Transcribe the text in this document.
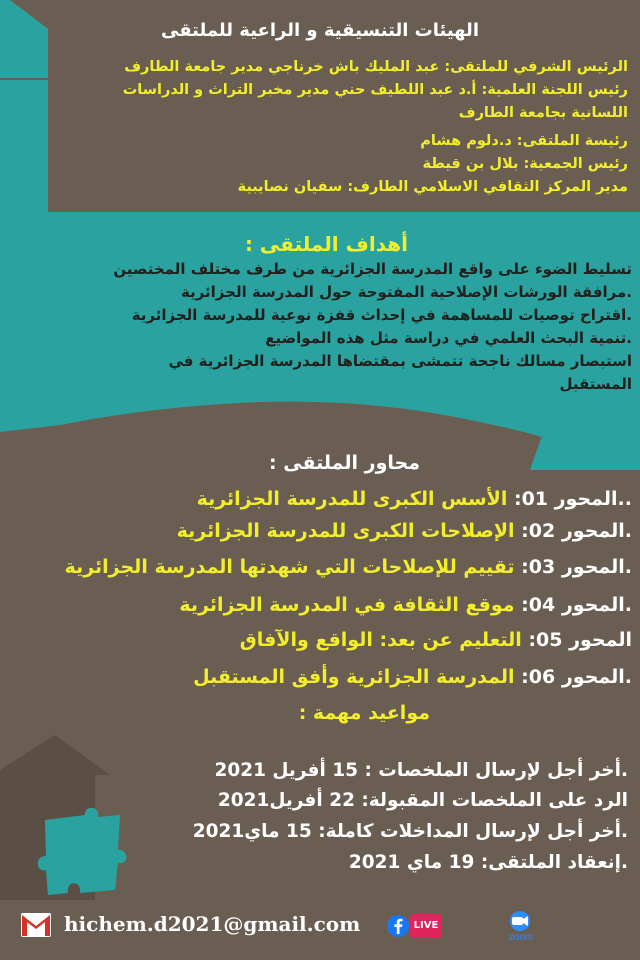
الهيئات التنسيقية و الراعية للملتقى
الرئيس الشرفي للملتقى: عبد المليك باش خرناجي مدير جامعة الطارف
رئيس اللجنة العلمية: أ.د عبد اللطيف حني مدير مخبر التراث و الدراسات
اللسانية بجامعة الطارف
رئيسة الملتقى: د.دلوم هشام
رئيس الجمعية: بلال بن قيطة
مدير المركز الثقافي الاسلامي الطارف: سفيان نصايبية
أهداف الملتقى :
تسليط الضوء على واقع المدرسة الجزائرية من طرف مختلف المختصين
.مرافقة الورشات الإصلاحية المفتوحة حول المدرسة الجزائرية
.اقتراح توصيات للمساهمة في إحداث قفزة نوعية للمدرسة الجزائرية
.تنمية البحث العلمي في دراسة مثل هذه المواضيع
استبصار مسالك ناجحة تتمشى بمقتضاها المدرسة الجزائرية في
المستقبل
محاور الملتقى :
..المحور 01: الأسس الكبرى للمدرسة الجزائرية
.المحور 02: الإصلاحات الكبرى للمدرسة الجزائرية
.المحور 03: تقييم للإصلاحات التي شهدتها المدرسة الجزائرية
.المحور 04: موقع الثقافة في المدرسة الجزائرية
المحور 05: التعليم عن بعد: الواقع والآفاق
.المحور 06: المدرسة الجزائرية وأفق المستقبل
مواعيد مهمة :
.أخر أجل لإرسال الملخصات : 15 أفريل 2021
الرد على الملخصات المقبولة: 22 أفريل2021
.أخر أجل لإرسال المداخلات كاملة: 15 ماي2021
.إنعقاد الملتقى: 19 ماي 2021
hichem.d2021@gmail.com	LIVE
zoom
